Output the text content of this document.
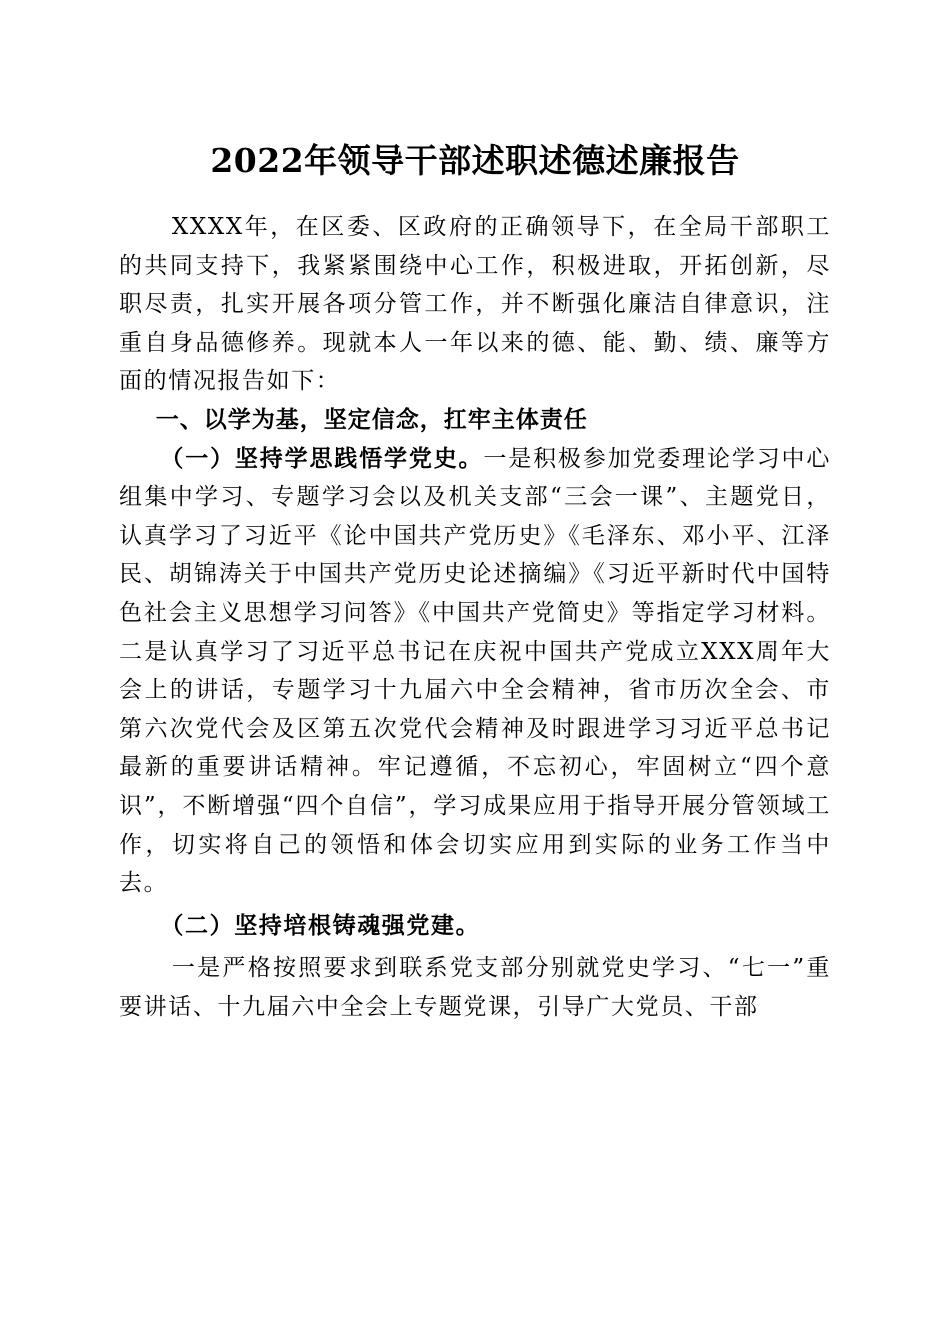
2022年领导干部述职述德述廉报告

XXXX年，在区委、区政府的正确领导下，在全局干部职工的共同支持下，我紧紧围绕中心工作，积极进取，开拓创新，尽职尽责，扎实开展各项分管工作，并不断强化廉洁自律意识，注重自身品德修养。现就本人一年以来的德、能、勤、绩、廉等方面的情况报告如下：

一、以学为基，坚定信念，扛牢主体责任

（一）坚持学思践悟学党史。一是积极参加党委理论学习中心组集中学习、专题学习会以及机关支部“三会一课”、主题党日，认真学习了习近平《论中国共产党历史》《毛泽东、邓小平、江泽民、胡锦涛关于中国共产党历史论述摘编》《习近平新时代中国特色社会主义思想学习问答》《中国共产党简史》等指定学习材料。二是认真学习了习近平总书记在庆祝中国共产党成立XXX周年大会上的讲话，专题学习十九届六中全会精神，省市历次全会、市第六次党代会及区第五次党代会精神及时跟进学习习近平总书记最新的重要讲话精神。牢记遵循，不忘初心，牢固树立“四个意识”，不断增强“四个自信”，学习成果应用于指导开展分管领域工作，切实将自己的领悟和体会切实应用到实际的业务工作当中去。

（二）坚持培根铸魂强党建。

一是严格按照要求到联系党支部分别就党史学习、“七一”重要讲话、十九届六中全会上专题党课，引导广大党员、干部
